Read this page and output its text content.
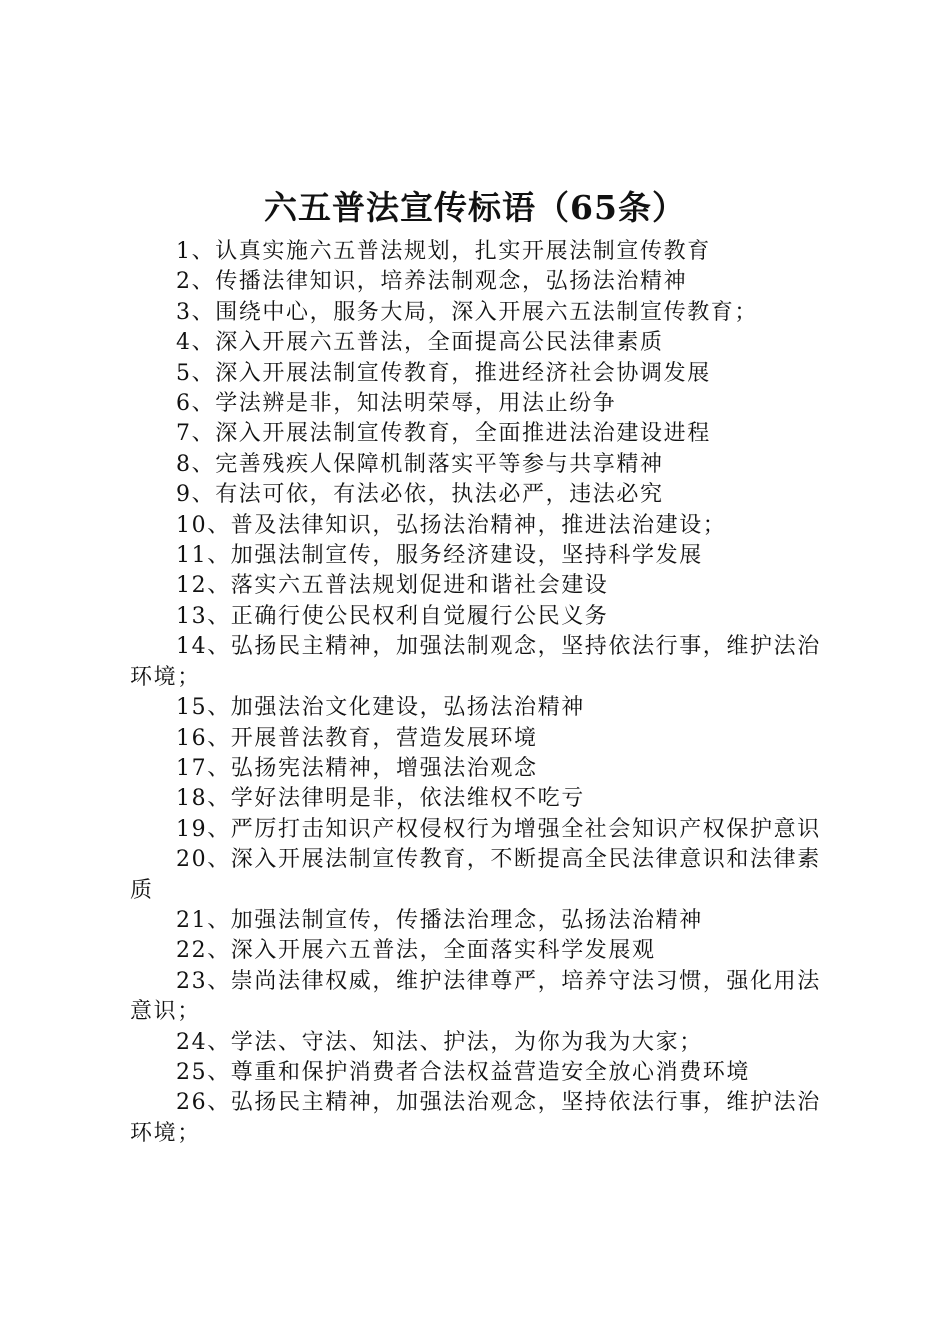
六五普法宣传标语（65条）
1、认真实施六五普法规划，扎实开展法制宣传教育
2、传播法律知识，培养法制观念，弘扬法治精神
3、围绕中心，服务大局，深入开展六五法制宣传教育；
4、深入开展六五普法，全面提高公民法律素质
5、深入开展法制宣传教育，推进经济社会协调发展
6、学法辨是非，知法明荣辱，用法止纷争
7、深入开展法制宣传教育，全面推进法治建设进程
8、完善残疾人保障机制落实平等参与共享精神
9、有法可依，有法必依，执法必严，违法必究
10、普及法律知识，弘扬法治精神，推进法治建设；
11、加强法制宣传，服务经济建设，坚持科学发展
12、落实六五普法规划促进和谐社会建设
13、正确行使公民权利自觉履行公民义务
14、弘扬民主精神，加强法制观念，坚持依法行事，维护法治环境；
15、加强法治文化建设，弘扬法治精神
16、开展普法教育，营造发展环境
17、弘扬宪法精神，增强法治观念
18、学好法律明是非，依法维权不吃亏
19、严厉打击知识产权侵权行为增强全社会知识产权保护意识
20、深入开展法制宣传教育，不断提高全民法律意识和法律素质
21、加强法制宣传，传播法治理念，弘扬法治精神
22、深入开展六五普法，全面落实科学发展观
23、崇尚法律权威，维护法律尊严，培养守法习惯，强化用法意识；
24、学法、守法、知法、护法，为你为我为大家；
25、尊重和保护消费者合法权益营造安全放心消费环境
26、弘扬民主精神，加强法治观念，坚持依法行事，维护法治环境；
